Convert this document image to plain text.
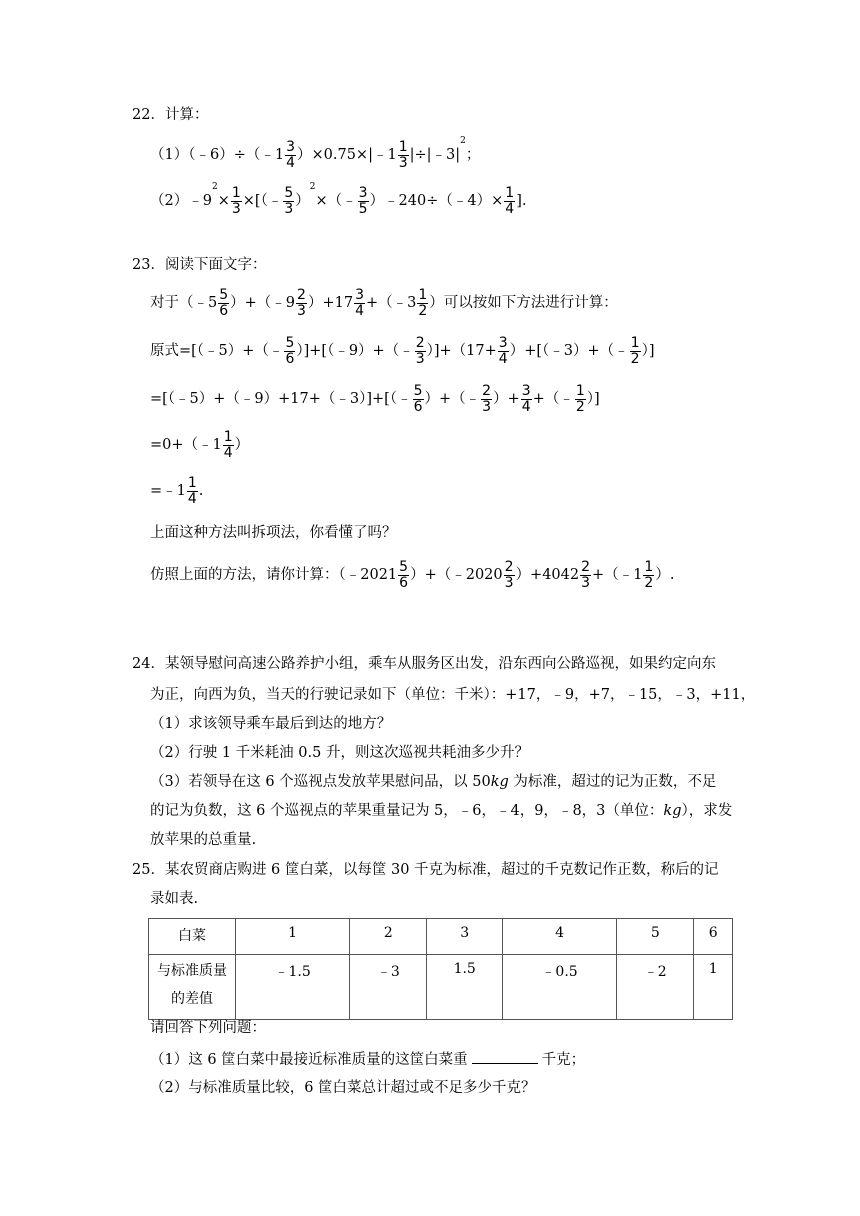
22．计算：
（1）（﹣6）÷（﹣1 $\frac{3}{4}$ ）×0.75×|﹣1 $\frac{1}{3}$ $|\div|﹣3|^2$；
$(2)﹣9^2\times \frac{1}{3}$ ×[（﹣ $\frac{5}{3}$ ）$^2$×（﹣ $\frac{3}{5}$ ）﹣240÷（﹣4）× $\frac{1}{4}$ ].
23．阅读下面文字：
对于（﹣5 $\frac{5}{6}$ ）+（﹣9 $\frac{2}{3} )+17 \frac{3}{4}$ +（﹣3 $\frac{1}{2}$ ）可以按如下方法进行计算：
原式=[（﹣5）+（﹣ $\frac{5}{6}$ ）]+[（﹣9）+（﹣ $\frac{2}{3} )]+(17+ \frac{3}{4}$ ）+[（﹣3）+（﹣ $\frac{1}{2}$ ）]
=[（﹣5）+（﹣9）+17+（﹣3）]+[（﹣ $\frac{5}{6}$ ）+（﹣ $\frac{2}{3}$ ）+ $\frac{3}{4}$ +（﹣ $\frac{1}{2}$ ）]
=0+（﹣1 $\frac{1}{4}$ ）
=﹣1 $\frac{1}{4}$ .
上面这种方法叫拆项法，你看懂了吗？
仿照上面的方法，请你计算：（﹣2021 $\frac{5}{6}$ ）+（﹣2020 $\frac{2}{3} )+4042 \frac{2}{3}$ +（﹣1 $\frac{1}{2}$ ）.
24．某领导慰问高速公路养护小组，乘车从服务区出发，沿东西向公路巡视，如果约定向东
为正，向西为负，当天的行驶记录如下（单位：千米）：+17，﹣9，+7，﹣15，﹣3，+11，
（1）求该领导乘车最后到达的地方？
（2）行驶 1 千米耗油 0.5 升，则这次巡视共耗油多少升？
（3）若领导在这 6 个巡视点发放苹果慰问品，以 50kg 为标准，超过的记为正数，不足
的记为负数，这 6 个巡视点的苹果重量记为 5，﹣6，﹣4，9，﹣8，3（单位：kg），求发
放苹果的总重量.
25．某农贸商店购进 6 筐白菜，以每筐 30 千克为标准，超过的千克数记作正数，称后的记
录如表.
白菜	1	2	3	4	5	6

与标准质量
的差值	﹣1.5	﹣3	1.5	﹣0.5	﹣2	1
请回答下列问题：
（1）这 6 筐白菜中最接近标准质量的这筐白菜重	千克；
（2）与标准质量比较，6 筐白菜总计超过或不足多少千克？
